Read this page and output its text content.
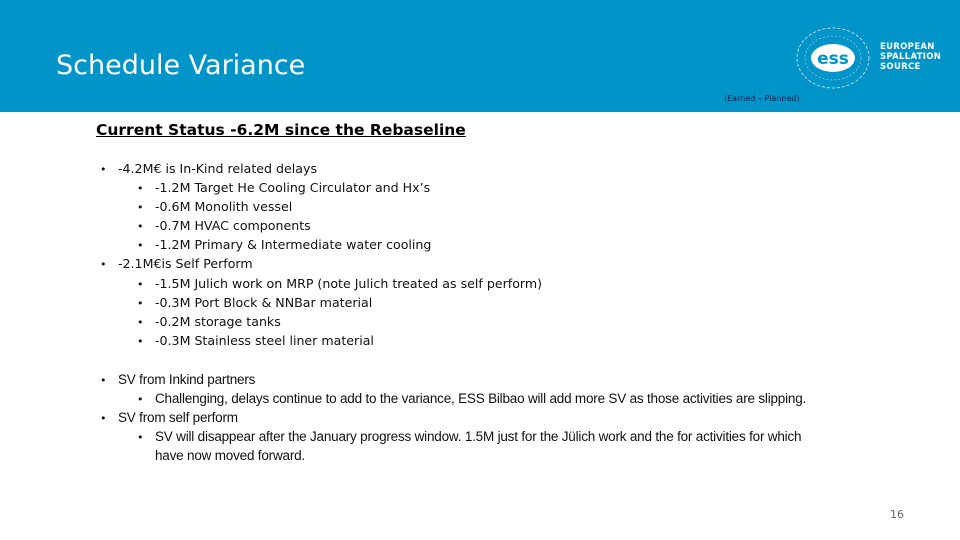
Schedule Variance
(Earned – Planned)
ess
EUROPEAN
SPALLATION
SOURCE
Current Status -6.2M since the Rebaseline
• -4.2M€ is In-Kind related delays
• -1.2M Target He Cooling Circulator and Hx’s
• -0.6M Monolith vessel
• -0.7M HVAC components
• -1.2M Primary & Intermediate water cooling
• -2.1M€is Self Perform
• -1.5M Julich work on MRP (note Julich treated as self perform)
• -0.3M Port Block & NNBar material
• -0.2M storage tanks
• -0.3M Stainless steel liner material
• SV from Inkind partners
• Challenging, delays continue to add to the variance, ESS Bilbao will add more SV as those activities are slipping.
• SV from self perform
• SV will disappear after the January progress window. 1.5M just for the Jülich work and the for activities for which
have now moved forward.
16
